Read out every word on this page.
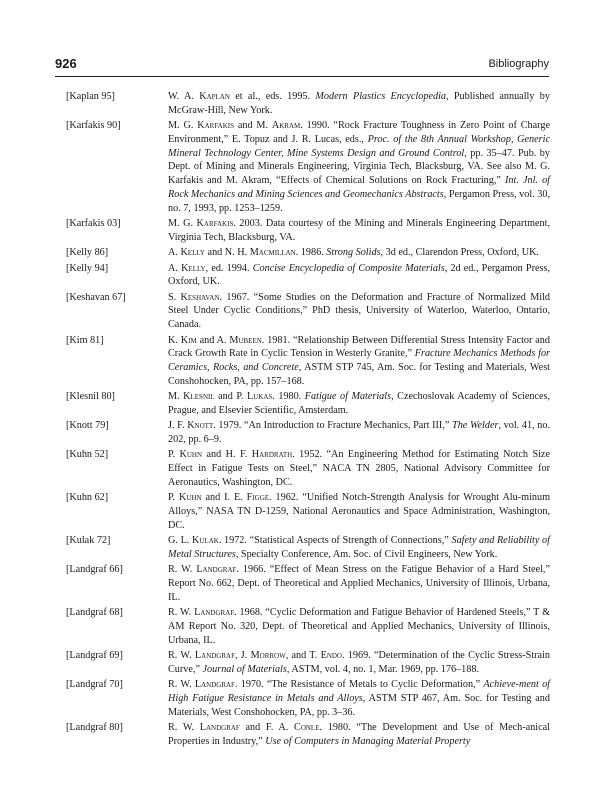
926	Bibliography
[Kaplan 95]	W. A. Kaplan et al., eds. 1995. Modern Plastics Encyclopedia, Published annually by McGraw-Hill, New York.
[Karfakis 90]	M. G. Karfakis and M. Akram. 1990. “Rock Fracture Toughness in Zero Point of Charge Environment,” E. Topuz and J. R. Lucas, eds., Proc. of the 8th Annual Workshop, Generic Mineral Technology Center, Mine Systems Design and Ground Control, pp. 35–47. Pub. by Dept. of Mining and Minerals Engineering, Virginia Tech, Blacksburg, VA. See also M. G. Karfakis and M. Akram, “Effects of Chemical Solutions on Rock Fracturing,” Int. Jnl. of Rock Mechanics and Mining Sciences and Geomechanics Abstracts, Pergamon Press, vol. 30, no. 7, 1993, pp. 1253–1259.
[Karfakis 03]	M. G. Karfakis. 2003. Data courtesy of the Mining and Minerals Engineering Department, Virginia Tech, Blacksburg, VA.
[Kelly 86]	A. Kelly and N. H. Macmillan. 1986. Strong Solids, 3d ed., Clarendon Press, Oxford, UK.
[Kelly 94]	A. Kelly, ed. 1994. Concise Encyclopedia of Composite Materials, 2d ed., Pergamon Press, Oxford, UK.
[Keshavan 67]	S. Keshavan. 1967. “Some Studies on the Deformation and Fracture of Normalized Mild Steel Under Cyclic Conditions,” PhD thesis, University of Waterloo, Waterloo, Ontario, Canada.
[Kim 81]	K. Kim and A. Mubeen. 1981. “Relationship Between Differential Stress Intensity Factor and Crack Growth Rate in Cyclic Tension in Westerly Granite,” Fracture Mechanics Methods for Ceramics, Rocks, and Concrete, ASTM STP 745, Am. Soc. for Testing and Materials, West Conshohocken, PA, pp. 157–168.
[Klesnil 80]	M. Klesnil and P. Lukas. 1980. Fatigue of Materials, Czechoslovak Academy of Sciences, Prague, and Elsevier Scientific, Amsterdam.
[Knott 79]	J. F. Knott. 1979. “An Introduction to Fracture Mechanics, Part III,” The Welder, vol. 41, no. 202, pp. 6–9.
[Kuhn 52]	P. Kuhn and H. F. Hardrath. 1952. “An Engineering Method for Estimating Notch Size Effect in Fatigue Tests on Steel,” NACA TN 2805, National Advisory Committee for Aeronautics, Washington, DC.
[Kuhn 62]	P. Kuhn and I. E. Figge. 1962. “Unified Notch-Strength Analysis for Wrought Alu-minum Alloys,” NASA TN D-1259, National Aeronautics and Space Administration, Washington, DC.
[Kulak 72]	G. L. Kulak. 1972. “Statistical Aspects of Strength of Connections,” Safety and Reliability of Metal Structures, Specialty Conference, Am. Soc. of Civil Engineers, New York.
[Landgraf 66]	R. W. Landgraf. 1966. “Effect of Mean Stress on the Fatigue Behavior of a Hard Steel,” Report No. 662, Dept. of Theoretical and Applied Mechanics, University of Illinois, Urbana, IL.
[Landgraf 68]	R. W. Landgraf. 1968. “Cyclic Deformation and Fatigue Behavior of Hardened Steels,” T & AM Report No. 320, Dept. of Theoretical and Applied Mechanics, University of Illinois, Urbana, IL.
[Landgraf 69]	R. W. Landgraf, J. Morrow, and T. Endo. 1969. “Determination of the Cyclic Stress-Strain Curve,” Journal of Materials, ASTM, vol. 4, no. 1, Mar. 1969, pp. 176–188.
[Landgraf 70]	R. W. Landgraf. 1970. “The Resistance of Metals to Cyclic Deformation,” Achieve-ment of High Fatigue Resistance in Metals and Alloys, ASTM STP 467, Am. Soc. for Testing and Materials, West Conshohocken, PA, pp. 3–36.
[Landgraf 80]	R. W. Landgraf and F. A. Conle. 1980. “The Development and Use of Mech-anical Properties in Industry,” Use of Computers in Managing Material Property
